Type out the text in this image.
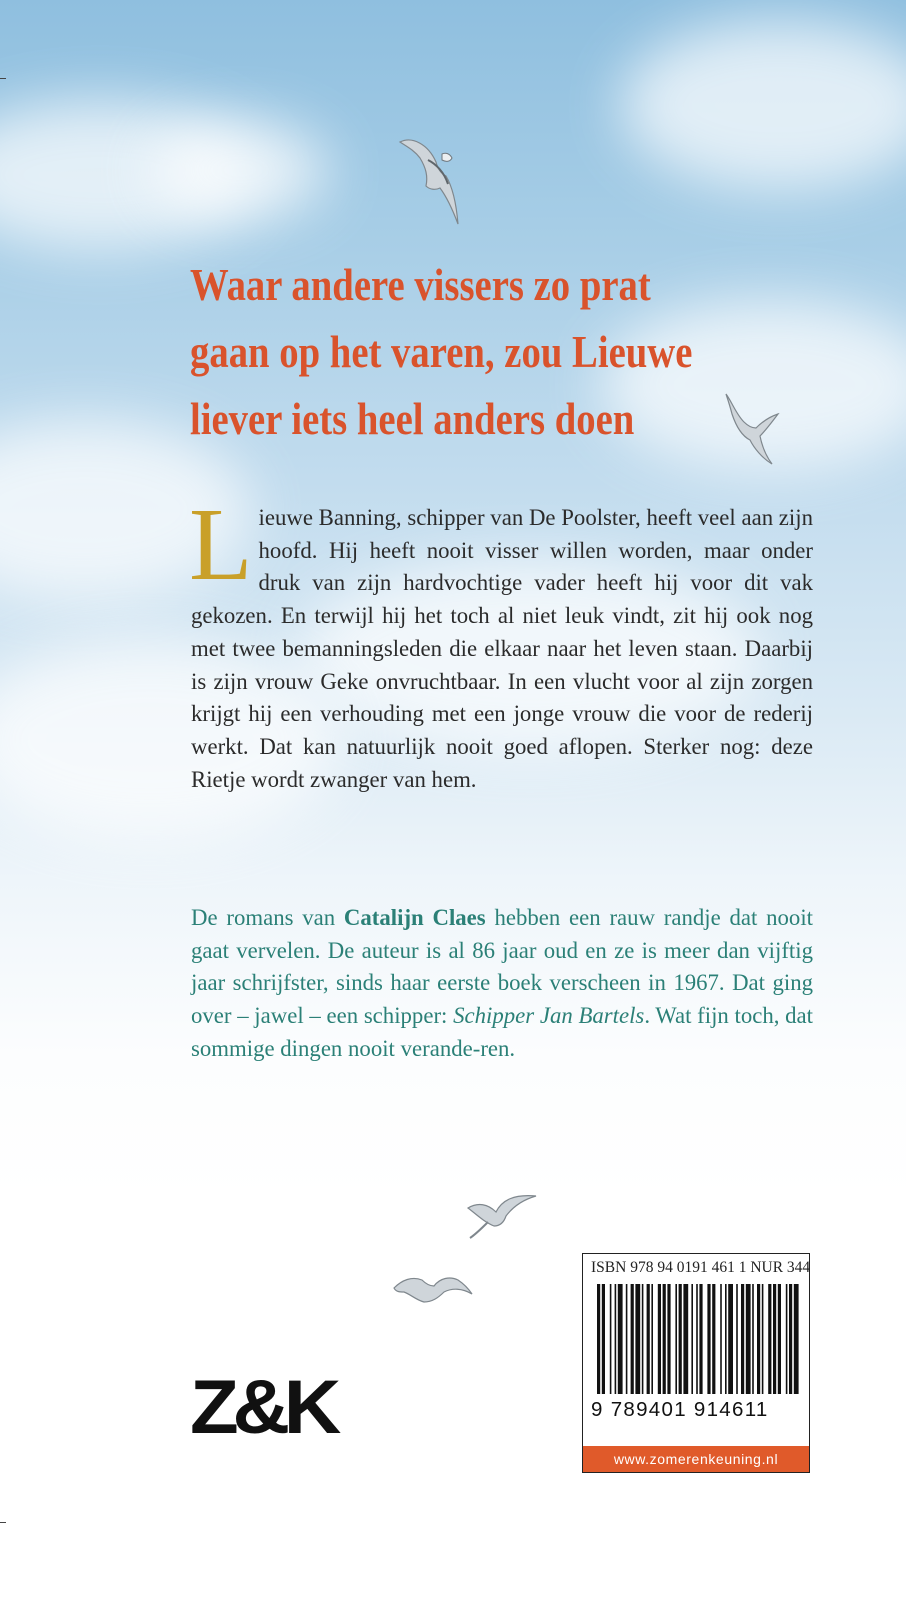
Waar andere vissers zo prat
gaan op het varen, zou Lieuwe
liever iets heel anders doen

Lieuwe Banning, schipper van De Poolster, heeft veel aan zijn hoofd. Hij heeft nooit visser willen worden, maar onder druk van zijn hardvochtige vader heeft hij voor dit vak gekozen. En terwijl hij het toch al niet leuk vindt, zit hij ook nog met twee bemanningsleden die elkaar naar het leven staan. Daarbij is zijn vrouw Geke onvruchtbaar. In een vlucht voor al zijn zorgen krijgt hij een verhouding met een jonge vrouw die voor de rederij werkt. Dat kan natuurlijk nooit goed aflopen. Sterker nog: deze Rietje wordt zwanger van hem.

De romans van Catalijn Claes hebben een rauw randje dat nooit gaat vervelen. De auteur is al 86 jaar oud en ze is meer dan vijftig jaar schrijfster, sinds haar eerste boek verscheen in 1967. Dat ging over – jawel – een schipper: Schipper Jan Bartels. Wat fijn toch, dat sommige dingen nooit verande-ren.

Z&K
ISBN 978 94 0191 461 1 NUR 344
9 789401 914611
www.zomerenkeuning.nl
